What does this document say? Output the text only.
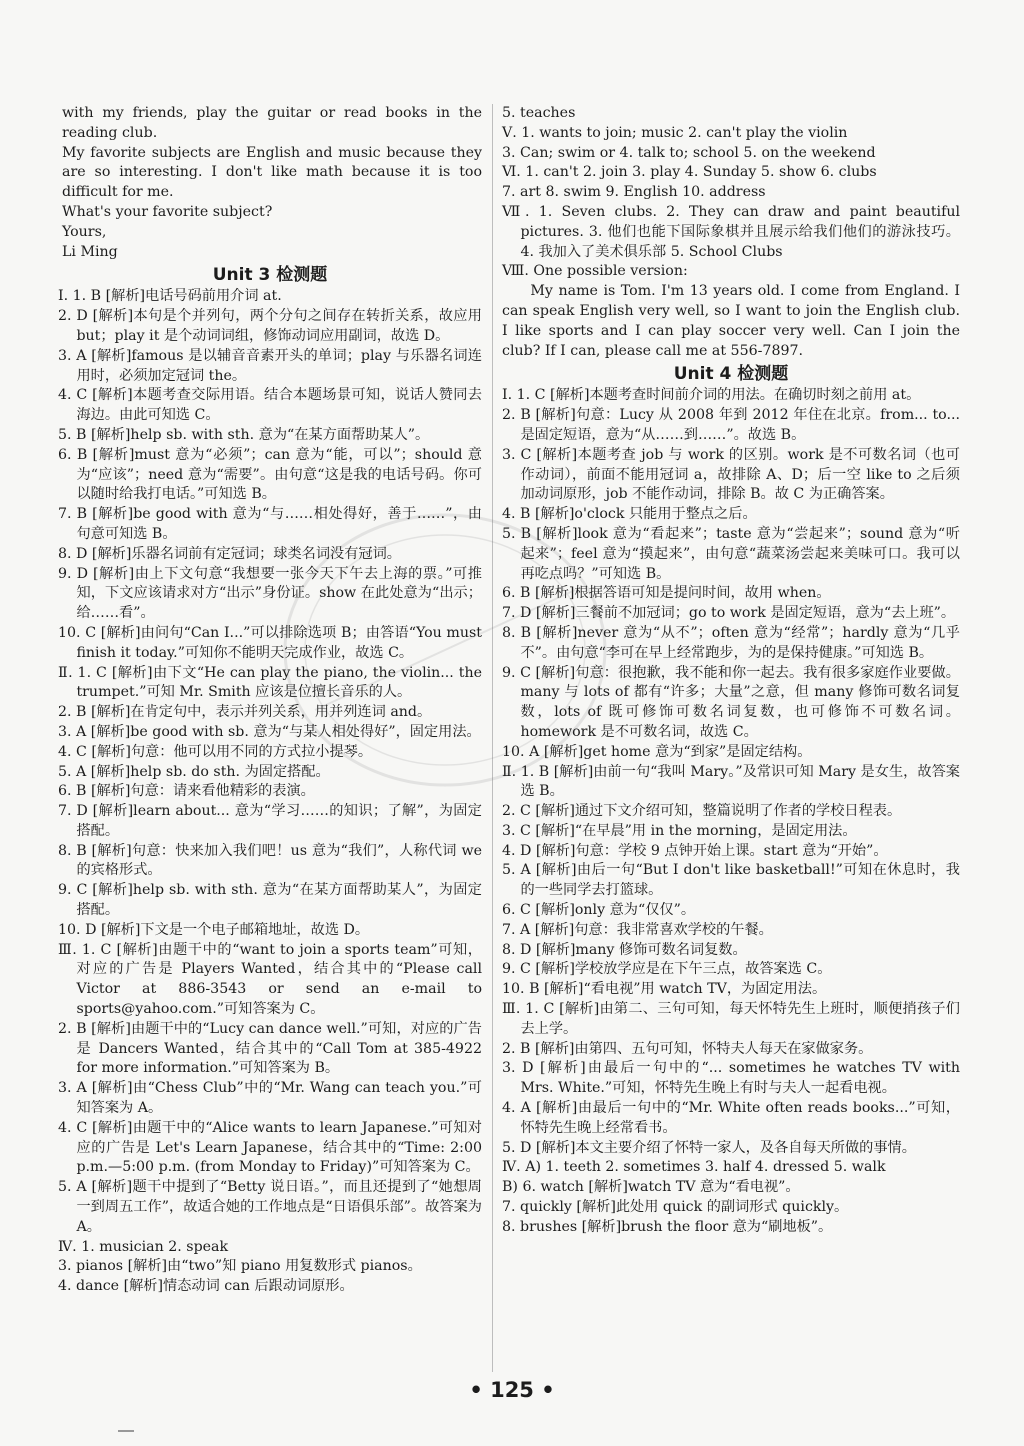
with my friends, play the guitar or read books in the reading club.

My favorite subjects are English and music because they are so interesting. I don't like math because it is too difficult for me.

What's your favorite subject?

Yours,

Li Ming

Unit 3 检测题

Ⅰ. 1. B [解析]电话号码前用介词 at.

2. D [解析]本句是个并列句，两个分句之间存在转折关系，故应用 but；play it 是个动词词组，修饰动词应用副词，故选 D。

3. A [解析]famous 是以辅音音素开头的单词；play 与乐器名词连用时，必须加定冠词 the。

4. C [解析]本题考查交际用语。结合本题场景可知，说话人赞同去海边。由此可知选 C。

5. B [解析]help sb. with sth. 意为“在某方面帮助某人”。

6. B [解析]must 意为“必须”；can 意为“能，可以”；should 意为“应该”；need 意为“需要”。由句意“这是我的电话号码。你可以随时给我打电话。”可知选 B。

7. B [解析]be good with 意为“与……相处得好，善于……”，由句意可知选 B。

8. D [解析]乐器名词前有定冠词；球类名词没有冠词。

9. D [解析]由上下文句意“我想要一张今天下午去上海的票。”可推知，下文应该请求对方“出示”身份证。show 在此处意为“出示；给……看”。

10. C [解析]由问句“Can I...”可以排除选项 B；由答语“You must finish it today.”可知你不能明天完成作业，故选 C。

Ⅱ. 1. C [解析]由下文“He can play the piano, the violin... the trumpet.”可知 Mr. Smith 应该是位擅长音乐的人。

2. B [解析]在肯定句中，表示并列关系，用并列连词 and。

3. A [解析]be good with sb. 意为“与某人相处得好”，固定用法。

4. C [解析]句意：他可以用不同的方式拉小提琴。

5. A [解析]help sb. do sth. 为固定搭配。

6. B [解析]句意：请来看他精彩的表演。

7. D [解析]learn about... 意为“学习……的知识；了解”，为固定搭配。

8. B [解析]句意：快来加入我们吧！us 意为“我们”，人称代词 we 的宾格形式。

9. C [解析]help sb. with sth. 意为“在某方面帮助某人”，为固定搭配。

10. D [解析]下文是一个电子邮箱地址，故选 D。

Ⅲ. 1. C [解析]由题干中的“want to join a sports team”可知，对应的广告是 Players Wanted，结合其中的“Please call Victor at 886-3543 or send an e-mail to sports@yahoo.com.”可知答案为 C。

2. B [解析]由题干中的“Lucy can dance well.”可知，对应的广告是 Dancers Wanted，结合其中的“Call Tom at 385-4922 for more information.”可知答案为 B。

3. A [解析]由“Chess Club”中的“Mr. Wang can teach you.”可知答案为 A。

4. C [解析]由题干中的“Alice wants to learn Japanese.”可知对应的广告是 Let's Learn Japanese，结合其中的“Time: 2:00 p.m.—5:00 p.m. (from Monday to Friday)”可知答案为 C。

5. A [解析]题干中提到了“Betty 说日语。”，而且还提到了“她想周一到周五工作”，故适合她的工作地点是“日语俱乐部”。故答案为 A。

Ⅳ. 1. musician 2. speak

3. pianos [解析]由“two”知 piano 用复数形式 pianos。

4. dance [解析]情态动词 can 后跟动词原形。

5. teaches

Ⅴ. 1. wants to join; music 2. can't play the violin

3. Can; swim or 4. talk to; school 5. on the weekend

Ⅵ. 1. can't 2. join 3. play 4. Sunday 5. show 6. clubs

7. art 8. swim 9. English 10. address

Ⅶ. 1. Seven clubs. 2. They can draw and paint beautiful pictures. 3. 他们也能下国际象棋并且展示给我们他们的游泳技巧。 4. 我加入了美术俱乐部 5. School Clubs

Ⅷ. One possible version:

My name is Tom. I'm 13 years old. I come from England. I can speak English very well, so I want to join the English club. I like sports and I can play soccer very well. Can I join the club? If I can, please call me at 556-7897.

Unit 4 检测题

Ⅰ. 1. C [解析]本题考查时间前介词的用法。在确切时刻之前用 at。

2. B [解析]句意：Lucy 从 2008 年到 2012 年住在北京。from... to... 是固定短语，意为“从……到……”。故选 B。

3. C [解析]本题考查 job 与 work 的区别。work 是不可数名词（也可作动词），前面不能用冠词 a，故排除 A、D；后一空 like to 之后须加动词原形，job 不能作动词，排除 B。故 C 为正确答案。

4. B [解析]o'clock 只能用于整点之后。

5. B [解析]look 意为“看起来”；taste 意为“尝起来”；sound 意为“听起来”；feel 意为“摸起来”，由句意“蔬菜汤尝起来美味可口。我可以再吃点吗？”可知选 B。

6. B [解析]根据答语可知是提问时间，故用 when。

7. D [解析]三餐前不加冠词；go to work 是固定短语，意为“去上班”。

8. B [解析]never 意为“从不”；often 意为“经常”；hardly 意为“几乎不”。由句意“李可在早上经常跑步，为的是保持健康。”可知选 B。

9. C [解析]句意：很抱歉，我不能和你一起去。我有很多家庭作业要做。many 与 lots of 都有“许多；大量”之意，但 many 修饰可数名词复数，lots of 既可修饰可数名词复数，也可修饰不可数名词。homework 是不可数名词，故选 C。

10. A [解析]get home 意为“到家”是固定结构。

Ⅱ. 1. B [解析]由前一句“我叫 Mary。”及常识可知 Mary 是女生，故答案选 B。

2. C [解析]通过下文介绍可知，整篇说明了作者的学校日程表。

3. C [解析]“在早晨”用 in the morning，是固定用法。

4. D [解析]句意：学校 9 点钟开始上课。start 意为“开始”。

5. A [解析]由后一句“But I don't like basketball!”可知在休息时，我的一些同学去打篮球。

6. C [解析]only 意为“仅仅”。

7. A [解析]句意：我非常喜欢学校的午餐。

8. D [解析]many 修饰可数名词复数。

9. C [解析]学校放学应是在下午三点，故答案选 C。

10. B [解析]“看电视”用 watch TV，为固定用法。

Ⅲ. 1. C [解析]由第二、三句可知，每天怀特先生上班时，顺便捎孩子们去上学。

2. B [解析]由第四、五句可知，怀特夫人每天在家做家务。

3. D [解析]由最后一句中的“... sometimes he watches TV with Mrs. White.”可知，怀特先生晚上有时与夫人一起看电视。

4. A [解析]由最后一句中的“Mr. White often reads books...”可知，怀特先生晚上经常看书。

5. D [解析]本文主要介绍了怀特一家人，及各自每天所做的事情。

Ⅳ. A) 1. teeth 2. sometimes 3. half 4. dressed 5. walk

B) 6. watch [解析]watch TV 意为“看电视”。

7. quickly [解析]此处用 quick 的副词形式 quickly。

8. brushes [解析]brush the floor 意为“刷地板”。

• 125 •
